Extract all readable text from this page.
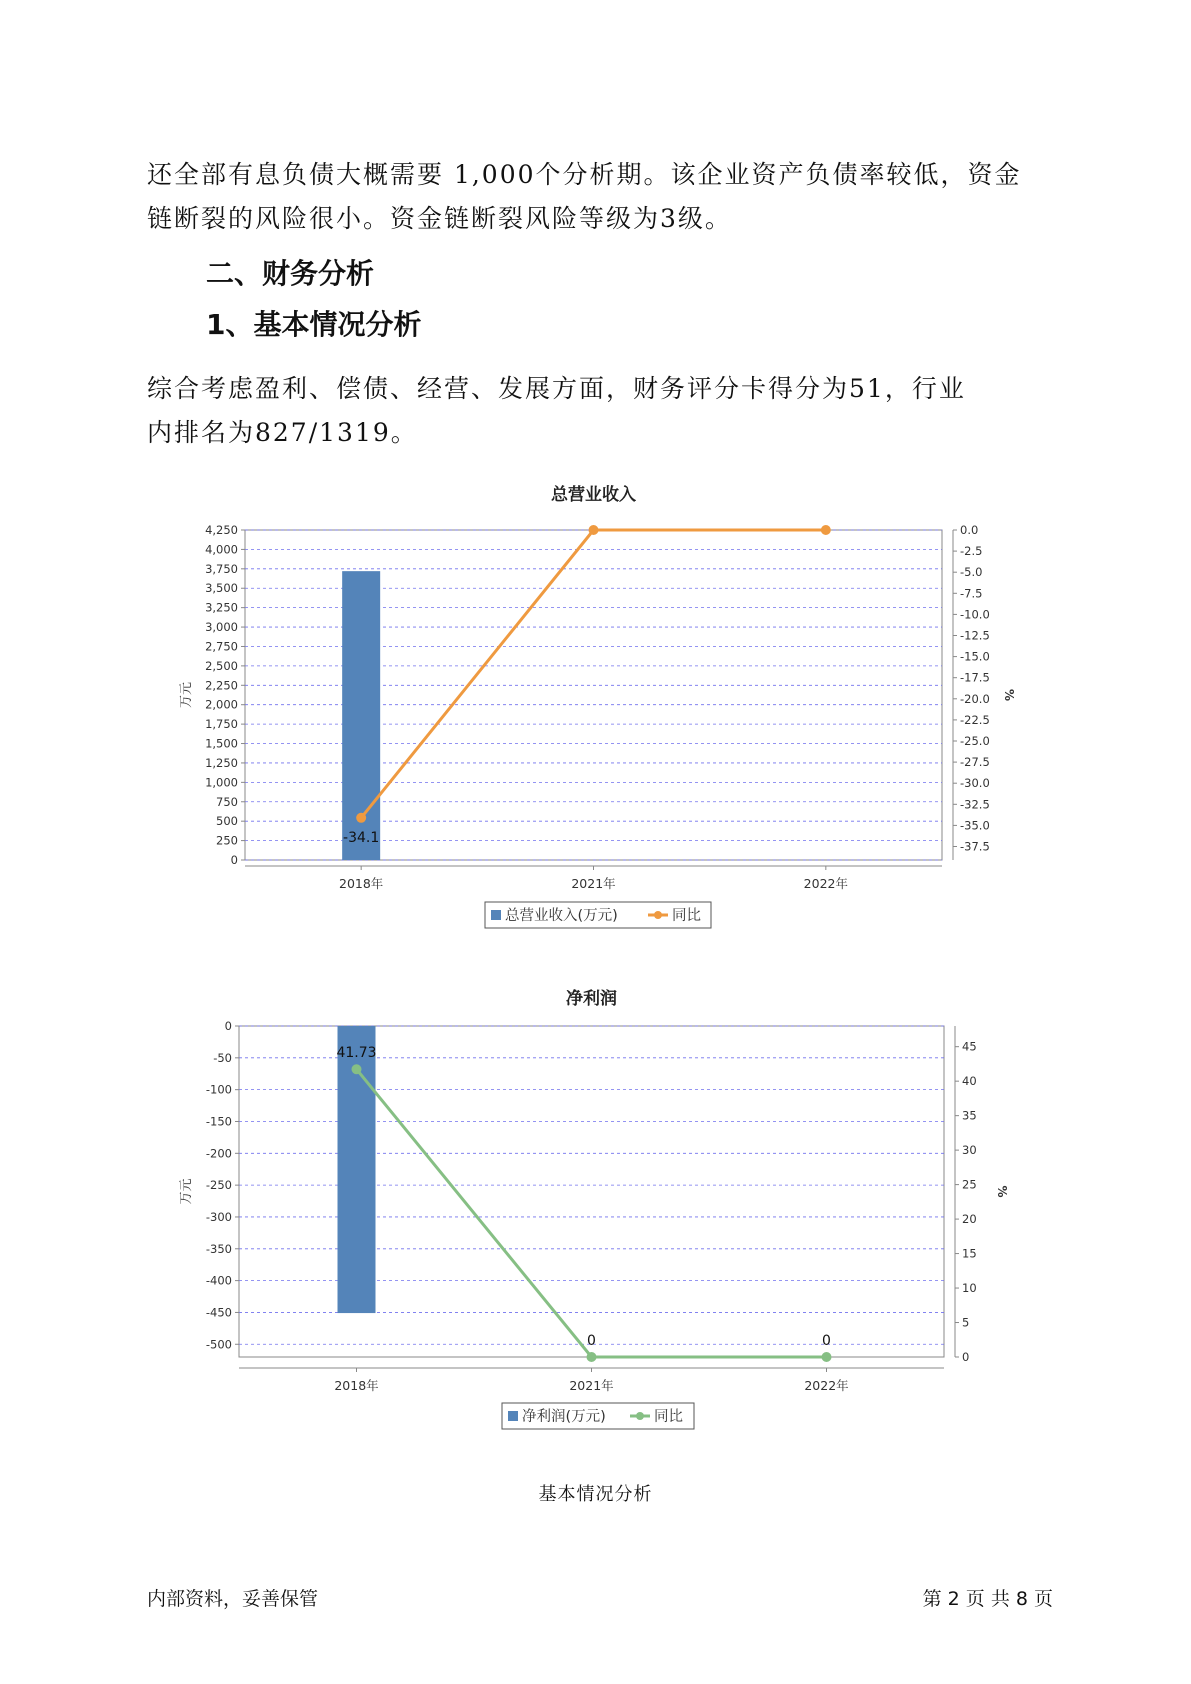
还全部有息负债大概需要 1,000个分析期。该企业资产负债率较低，资金
链断裂的风险很小。资金链断裂风险等级为3级。

二、财务分析
1、基本情况分析

综合考虑盈利、偿债、经营、发展方面，财务评分卡得分为51，行业
内排名为827/1319。

总营业收入
0
250
500
750
1,000
1,250
1,500
1,750
2,000
2,250
2,500
2,750
3,000
3,250
3,500
3,750
4,000
4,250	0.0
-2.5
-5.0
-7.5
-10.0
-12.5
-15.0
-17.5
-20.0
-22.5
-25.0
-27.5
-30.0
-32.5
-35.0
-37.5
万元	%
2018年	2021年	2022年
-34.1
总营业收入(万元)	同比
净利润
0
-50
-100
-150
-200
-250
-300
-350
-400
-450
-500
0
5
10
15
20
25
30
35
40
45
万元	%
2018年	2021年	2022年
41.73
0	0
净利润(万元)	同比
基本情况分析
内部资料，妥善保管	第 2 页 共 8 页
